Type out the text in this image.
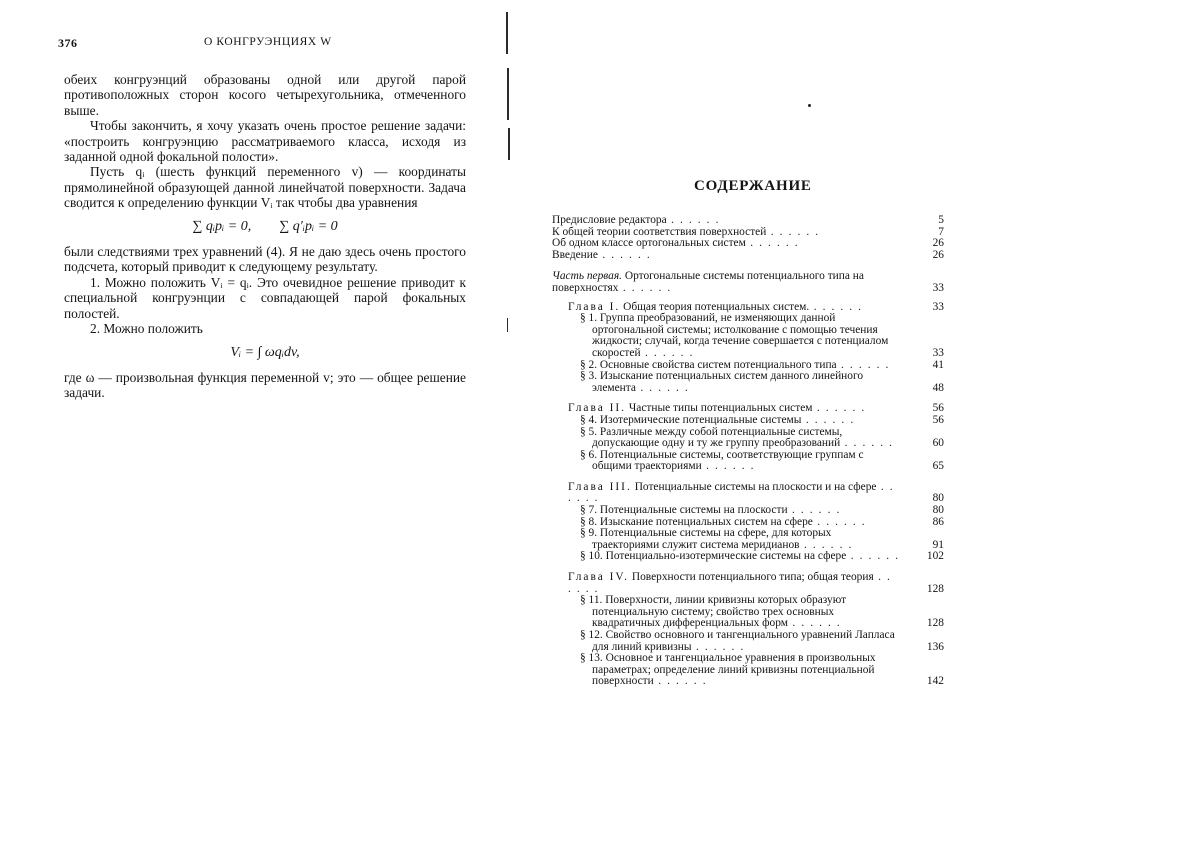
376	О КОНГРУЭНЦИЯХ W

обеих конгруэнций образованы одной или другой парой противоположных сторон косого четырехугольника, отмеченного выше.

Чтобы закончить, я хочу указать очень простое решение задачи: «построить конгруэнцию рассматриваемого класса, исходя из заданной одной фокальной полости».

Пусть qᵢ (шесть функций переменного v) — координаты прямолинейной образующей данной линейчатой поверхности. Задача сводится к определению функции Vᵢ так чтобы два уравнения

∑ qᵢpᵢ = 0, ∑ q′ᵢpᵢ = 0

были следствиями трех уравнений (4). Я не даю здесь очень простого подсчета, который приводит к следующему результату.

1. Можно положить Vᵢ = qᵢ. Это очевидное решение приводит к специальной конгруэнции с совпадающей парой фокальных полостей.

2. Можно положить

Vᵢ = ∫ ωqᵢdv,

где ω — произвольная функция переменной v; это — общее решение задачи.

СОДЕРЖАНИЕ
Предисловие редактора . . . . . .	5
К общей теории соответствия поверхностей . . . . . .	7
Об одном классе ортогональных систем . . . . . .	26
Введение . . . . . .	26
Часть первая. Ортогональные системы потенциального типа на поверхностях . . . . . .	33
Глава I. Общая теория потенциальных систем. . . . . . .	33
§ 1. Группа преобразований, не изменяющих данной ортогональной системы; истолкование с помощью течения жидкости; случай, когда течение совершается с потенциалом скоростей . . . . . .	33
§ 2. Основные свойства систем потенциального типа . . . . . .	41
§ 3. Изыскание потенциальных систем данного линейного элемента . . . . . .	48
Глава II. Частные типы потенциальных систем . . . . . .	56
§ 4. Изотермические потенциальные системы . . . . . .	56
§ 5. Различные между собой потенциальные системы, допускающие одну и ту же группу преобразований . . . . . .	60
§ 6. Потенциальные системы, соответствующие группам с общими траекториями . . . . . .	65
Глава III. Потенциальные системы на плоскости и на сфере . . . . . .	80
§ 7. Потенциальные системы на плоскости . . . . . .	80
§ 8. Изыскание потенциальных систем на сфере . . . . . .	86
§ 9. Потенциальные системы на сфере, для которых траекториями служит система меридианов . . . . . .	91
§ 10. Потенциально-изотермические системы на сфере . . . . . .	102
Глава IV. Поверхности потенциального типа; общая теория . . . . . .	128
§ 11. Поверхности, линии кривизны которых образуют потенциальную систему; свойство трех основных квадратичных дифференциальных форм . . . . . .	128
§ 12. Свойство основного и тангенциального уравнений Лапласа для линий кривизны . . . . . .	136
§ 13. Основное и тангенциальное уравнения в произвольных параметрах; определение линий кривизны потенциальной поверхности . . . . . .	142
